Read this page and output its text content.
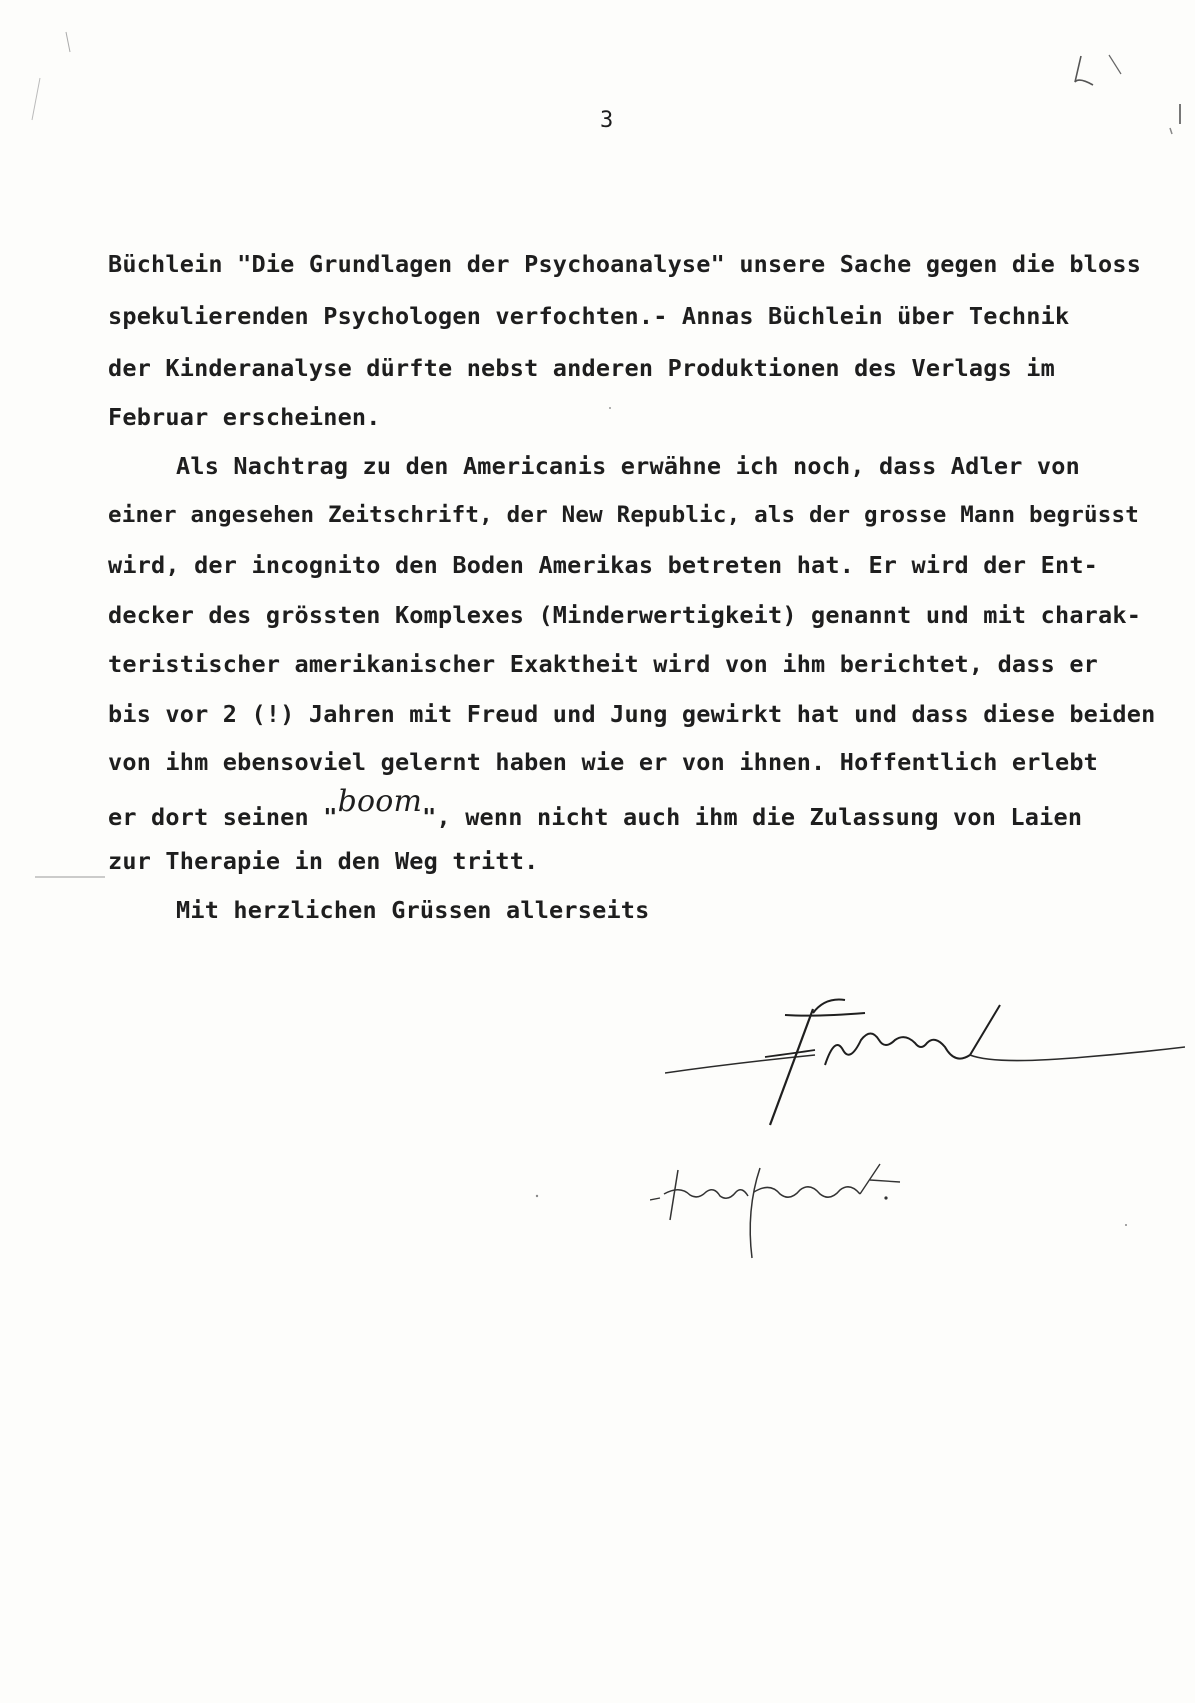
3
Büchlein "Die Grundlagen der Psychoanalyse" unsere Sache gegen die bloss
spekulierenden Psychologen verfochten.- Annas Büchlein über Technik
der Kinderanalyse dürfte nebst anderen Produktionen des Verlags im
Februar erscheinen.
Als Nachtrag zu den Americanis erwähne ich noch, dass Adler von
einer angesehen Zeitschrift, der New Republic, als der grosse Mann begrüsst
wird, der incognito den Boden Amerikas betreten hat. Er wird der Ent-
decker des grössten Komplexes (Minderwertigkeit) genannt und mit charak-
teristischer amerikanischer Exaktheit wird von ihm berichtet, dass er
bis vor 2 (!) Jahren mit Freud und Jung gewirkt hat und dass diese beiden
von ihm ebensoviel gelernt haben wie er von ihnen. Hoffentlich erlebt
er dort seinen "boom", wenn nicht auch ihm die Zulassung von Laien
zur Therapie in den Weg tritt.
Mit herzlichen Grüssen allerseits
